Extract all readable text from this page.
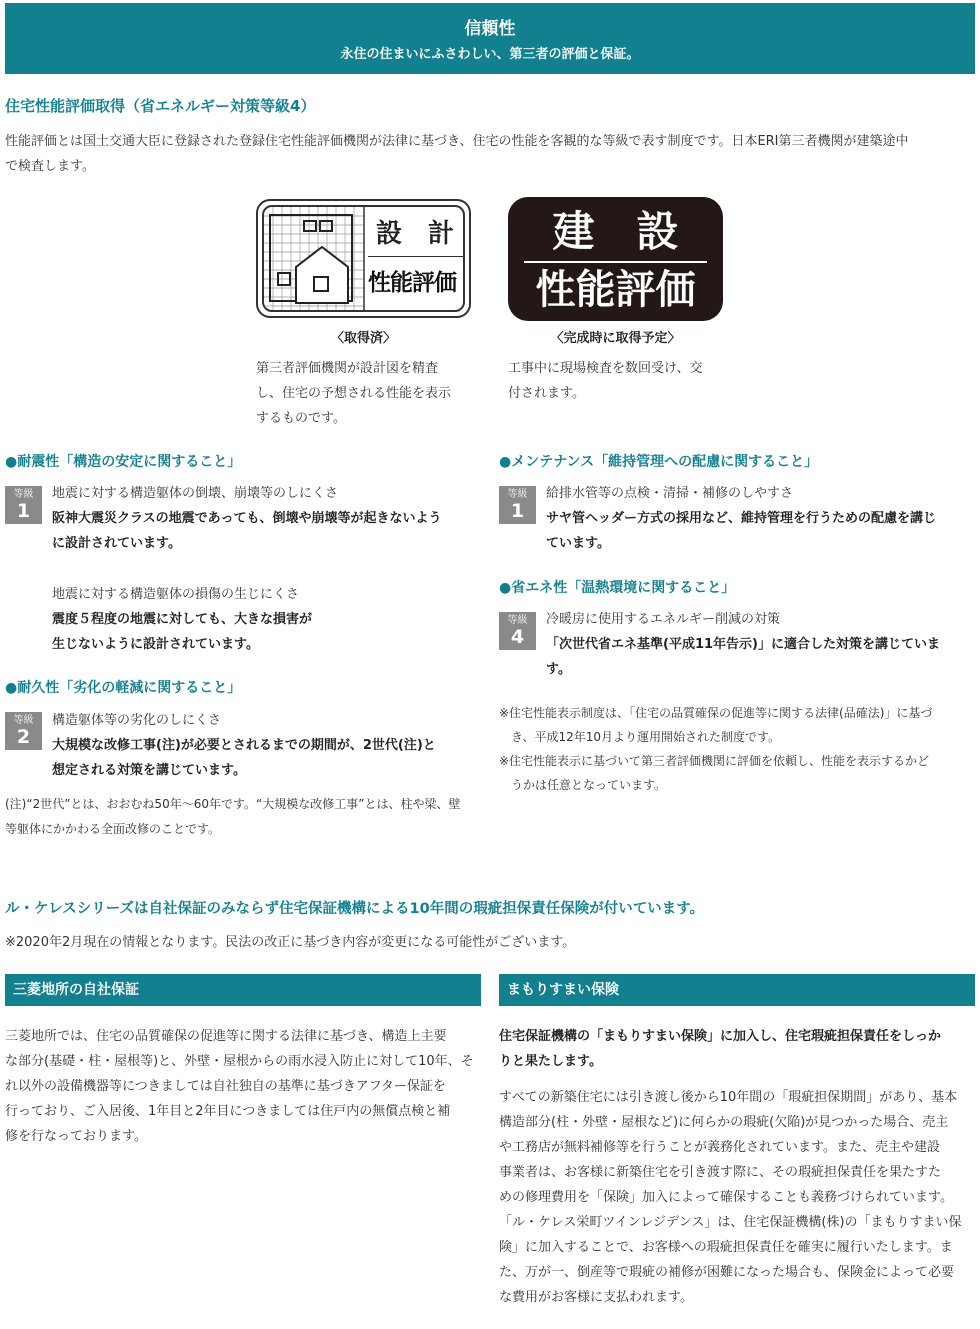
信頼性
永住の住まいにふさわしい、第三者の評価と保証。
住宅性能評価取得（省エネルギー対策等級4）
性能評価とは国土交通大臣に登録された登録住宅性能評価機関が法律に基づき、住宅の性能を客観的な等級で表す制度です。日本ERI第三者機関が建築途中
で検査します。
設　計
性能評価
建　設
性能評価
〈取得済〉	〈完成時に取得予定〉
第三者評価機関が設計図を精査
し、住宅の予想される性能を表示
するものです。
工事中に現場検査を数回受け、交
付されます。
●耐震性「構造の安定に関すること」
等級
1
地震に対する構造躯体の倒壊、崩壊等のしにくさ
阪神大震災クラスの地震であっても、倒壊や崩壊等が起きないよう
に設計されています。
地震に対する構造躯体の損傷の生じにくさ
震度５程度の地震に対しても、大きな損害が
生じないように設計されています。
●耐久性「劣化の軽減に関すること」
等級
2
構造躯体等の劣化のしにくさ
大規模な改修工事(注)が必要とされるまでの期間が、2世代(注)と
想定される対策を講じています。
(注)“2世代”とは、おおむね50年〜60年です。“大規模な改修工事”とは、柱や梁、壁
等躯体にかかわる全面改修のことです。
●メンテナンス「維持管理への配慮に関すること」
等級
1
給排水管等の点検・清掃・補修のしやすさ
サヤ管ヘッダー方式の採用など、維持管理を行うための配慮を講じ
ています。
●省エネ性「温熱環境に関すること」
等級
4
冷暖房に使用するエネルギー削減の対策
「次世代省エネ基準(平成11年告示)」に適合した対策を講じていま
す。
※住宅性能表示制度は、「住宅の品質確保の促進等に関する法律(品確法)」に基づ
　き、平成12年10月より運用開始された制度です。
※住宅性能表示に基づいて第三者評価機関に評価を依頼し、性能を表示するかど
　うかは任意となっています。
ル・ケレスシリーズは自社保証のみならず住宅保証機構による10年間の瑕疵担保責任保険が付いています。
※2020年2月現在の情報となります。民法の改正に基づき内容が変更になる可能性がございます。
三菱地所の自社保証	まもりすまい保険
三菱地所では、住宅の品質確保の促進等に関する法律に基づき、構造上主要
な部分(基礎・柱・屋根等)と、外壁・屋根からの雨水浸入防止に対して10年、そ
れ以外の設備機器等につきましては自社独自の基準に基づきアフター保証を
行っており、ご入居後、1年目と2年目につきましては住戸内の無償点検と補
修を行なっております。
住宅保証機構の「まもりすまい保険」に加入し、住宅瑕疵担保責任をしっか
りと果たします。
すべての新築住宅には引き渡し後から10年間の「瑕疵担保期間」があり、基本
構造部分(柱・外壁・屋根など)に何らかの瑕疵(欠陥)が見つかった場合、売主
や工務店が無料補修等を行うことが義務化されています。また、売主や建設
事業者は、お客様に新築住宅を引き渡す際に、その瑕疵担保責任を果たすた
めの修理費用を「保険」加入によって確保することも義務づけられています。
「ル・ケレス栄町ツインレジデンス」は、住宅保証機構(株)の「まもりすまい保
険」に加入することで、お客様への瑕疵担保責任を確実に履行いたします。ま
た、万が一、倒産等で瑕疵の補修が困難になった場合も、保険金によって必要
な費用がお客様に支払われます。
